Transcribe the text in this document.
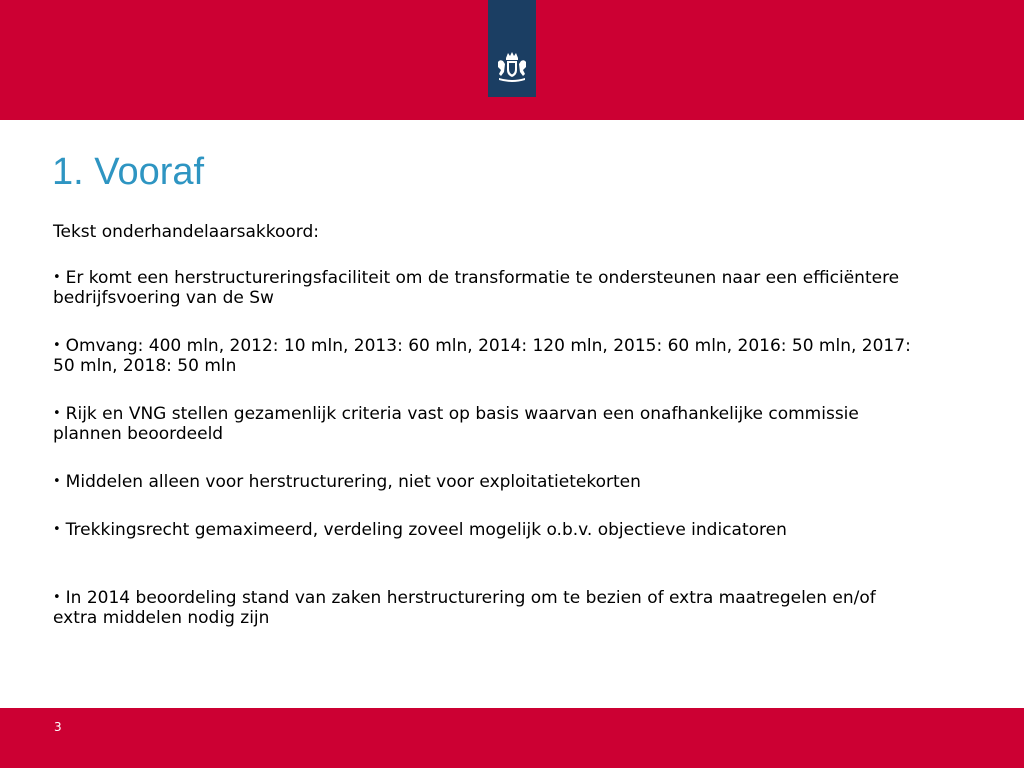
1. Vooraf

Tekst onderhandelaarsakkoord:

• Er komt een herstructureringsfaciliteit om de transformatie te ondersteunen naar een efficiëntere bedrijfsvoering van de Sw
• Omvang: 400 mln, 2012: 10 mln, 2013: 60 mln, 2014: 120 mln, 2015: 60 mln, 2016: 50 mln, 2017: 50 mln, 2018: 50 mln
• Rijk en VNG stellen gezamenlijk criteria vast op basis waarvan een onafhankelijke commissie plannen beoordeeld
• Middelen alleen voor herstructurering, niet voor exploitatietekorten
• Trekkingsrecht gemaximeerd, verdeling zoveel mogelijk o.b.v. objectieve indicatoren
• In 2014 beoordeling stand van zaken herstructurering om te bezien of extra maatregelen en/of extra middelen nodig zijn
3
